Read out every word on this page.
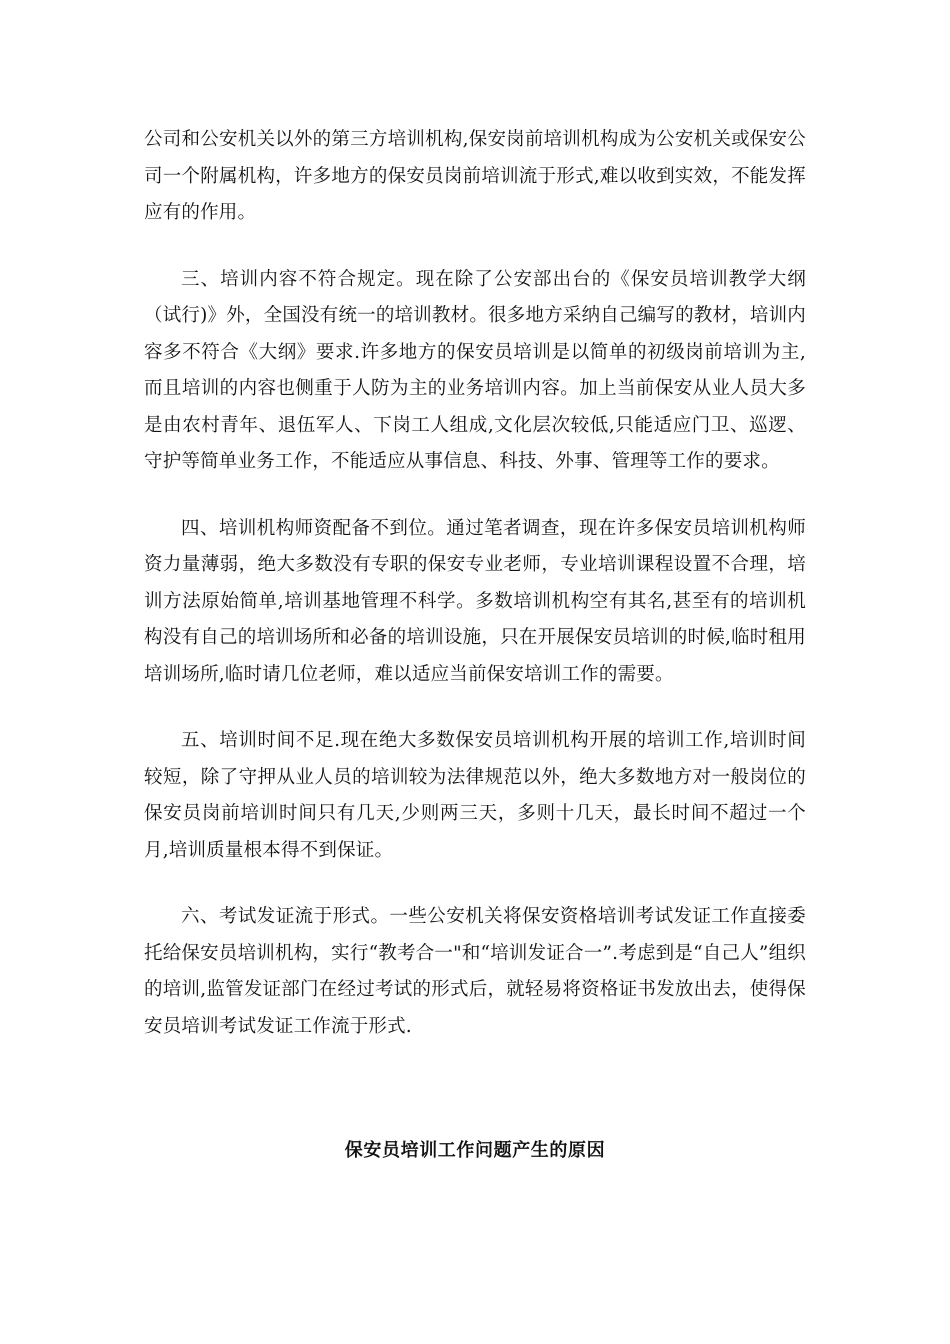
公司和公安机关以外的第三方培训机构,保安岗前培训机构成为公安机关或保安公司一个附属机构，许多地方的保安员岗前培训流于形式,难以收到实效，不能发挥应有的作用。

三、培训内容不符合规定。现在除了公安部出台的《保安员培训教学大纲（试行)》外，全国没有统一的培训教材。很多地方采纳自己编写的教材，培训内容多不符合《大纲》要求.许多地方的保安员培训是以简单的初级岗前培训为主,而且培训的内容也侧重于人防为主的业务培训内容。加上当前保安从业人员大多是由农村青年、退伍军人、下岗工人组成,文化层次较低,只能适应门卫、巡逻、守护等简单业务工作，不能适应从事信息、科技、外事、管理等工作的要求。

四、培训机构师资配备不到位。通过笔者调查，现在许多保安员培训机构师资力量薄弱，绝大多数没有专职的保安专业老师，专业培训课程设置不合理，培训方法原始简单,培训基地管理不科学。多数培训机构空有其名,甚至有的培训机构没有自己的培训场所和必备的培训设施，只在开展保安员培训的时候,临时租用培训场所,临时请几位老师，难以适应当前保安培训工作的需要。

五、培训时间不足.现在绝大多数保安员培训机构开展的培训工作,培训时间较短，除了守押从业人员的培训较为法律规范以外，绝大多数地方对一般岗位的保安员岗前培训时间只有几天,少则两三天，多则十几天，最长时间不超过一个月,培训质量根本得不到保证。

六、考试发证流于形式。一些公安机关将保安资格培训考试发证工作直接委托给保安员培训机构，实行“教考合一"和“培训发证合一”.考虑到是“自己人”组织的培训,监管发证部门在经过考试的形式后，就轻易将资格证书发放出去，使得保安员培训考试发证工作流于形式.

保安员培训工作问题产生的原因
